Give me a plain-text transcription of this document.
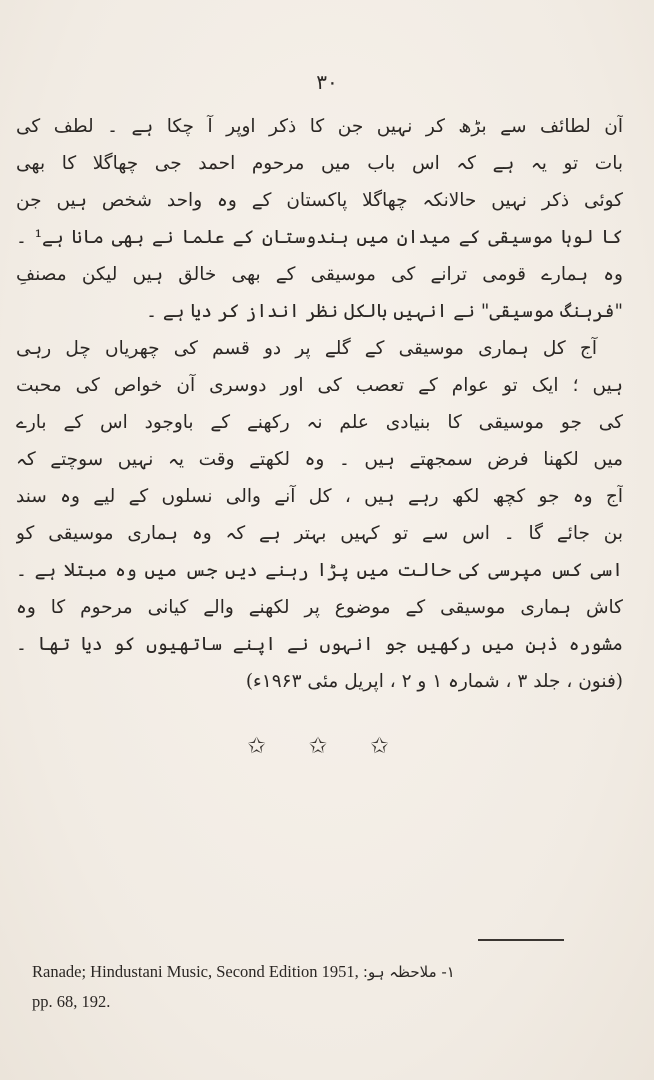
۳۰
آن لطائف سے بڑھ کر نہیں جن کا ذکر اوپر آ چکا ہے ۔ لطف کی
بات تو یہ ہے کہ اس باب میں مرحوم احمد جی چھاگلا کا بھی
کوئی ذکر نہیں حالانکہ چھاگلا پاکستان کے وہ واحد شخص ہیں جن
کا لوہا موسیقی کے میدان میں ہندوستان کے علما نے بھی مانا ہے¹ ۔
وہ ہمارے قومی ترانے کی موسیقی کے بھی خالق ہیں لیکن مصنفِ
"فرہنگ موسیقی" نے انہیں بالکل نظر انداز کر دیا ہے ۔
آج کل ہماری موسیقی کے گلے پر دو قسم کی چھریاں چل رہی
ہیں ؛ ایک تو عوام کے تعصب کی اور دوسری آن خواص کی محبت
کی جو موسیقی کا بنیادی علم نہ رکھنے کے باوجود اس کے بارے
میں لکھنا فرض سمجھتے ہیں ۔ وہ لکھتے وقت یہ نہیں سوچتے کہ
آج وہ جو کچھ لکھ رہے ہیں ، کل آنے والی نسلوں کے لیے وہ سند
بن جائے گا ۔ اس سے تو کہیں بہتر ہے کہ وہ ہماری موسیقی کو
اسی کس مپرسی کی حالت میں پڑا رہنے دیں جس میں وہ مبتلا ہے ۔
کاش ہماری موسیقی کے موضوع پر لکھنے والے کیانی مرحوم کا وہ
مشورہ ذہن میں رکھیں جو انہوں نے اپنے ساتھیوں کو دیا تھا ۔
(فنون ، جلد ۳ ، شمارہ ۱ و ۲ ، اپریل مئی ۱۹۶۳ء)
✩ ✩ ✩
Ranade; Hindustani Music, Second Edition 1951, ۱- ملاحظہ ہو:
pp. 68, 192.
